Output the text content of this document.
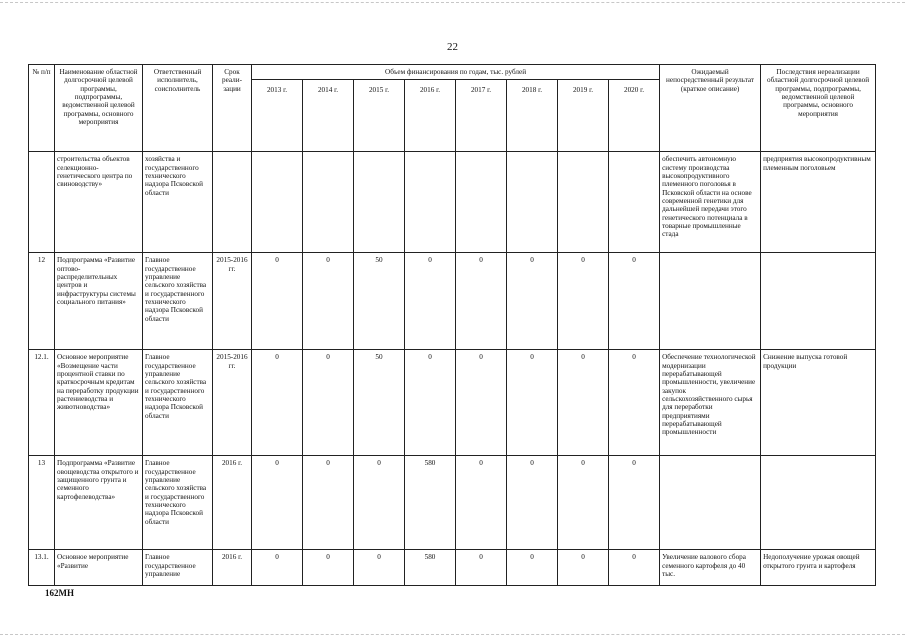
22
№ п/п	Наименование областной долгосрочной целевой программы, подпрограммы, ведомственной целевой программы, основного мероприятия	Ответственный исполнитель, соисполнитель	Срок реали-зации	Объем финансирования по годам, тыс. рублей								Ожидаемый непосредственный результат (краткое описание)	Последствия нереализации областной долгосрочной целевой программы, подпрограммы, ведомственной целевой программы, основного мероприятия
				2013 г.	2014 г.	2015 г.	2016 г.	2017 г.	2018 г.	2019 г.	2020 г.		
	строительства объектов селекционно-генетического центра по свиноводству»	хозяйства и государственного технического надзора Псковской области										обеспечить автономную систему производства высокопродуктивного племенного поголовья в Псковской области на основе современной генетики для дальнейшей передачи этого генетического потенциала в товарные промышленные стада	предприятия высокопродуктивным племенным поголовьем
12	Подпрограмма «Развитие оптово-распределительных центров и инфраструктуры системы социального питания»	Главное государственное управление сельского хозяйства и государственного технического надзора Псковской области	2015-2016 гг.	0	0	50	0	0	0	0	0		
12.1.	Основное мероприятие «Возмещение части процентной ставки по краткосрочным кредитам на переработку продукции растениеводства и животноводства»	Главное государственное управление сельского хозяйства и государственного технического надзора Псковской области	2015-2016 гг.	0	0	50	0	0	0	0	0	Обеспечение технологической модернизации перерабатывающей промышленности, увеличение закупок сельскохозяйственного сырья для переработки предприятиями перерабатывающей промышленности	Снижение выпуска готовой продукции
13	Подпрограмма «Развитие овощеводства открытого и защищенного грунта и семенного картофелеводства»	Главное государственное управление сельского хозяйства и государственного технического надзора Псковской области	2016 г.	0	0	0	580	0	0	0	0		
13.1.	Основное мероприятие «Развитие	Главное государственное управление	2016 г.	0	0	0	580	0	0	0	0	Увеличение валового сбора семенного картофеля до 40 тыс.	Недополучение урожая овощей открытого грунта и картофеля
162МН
